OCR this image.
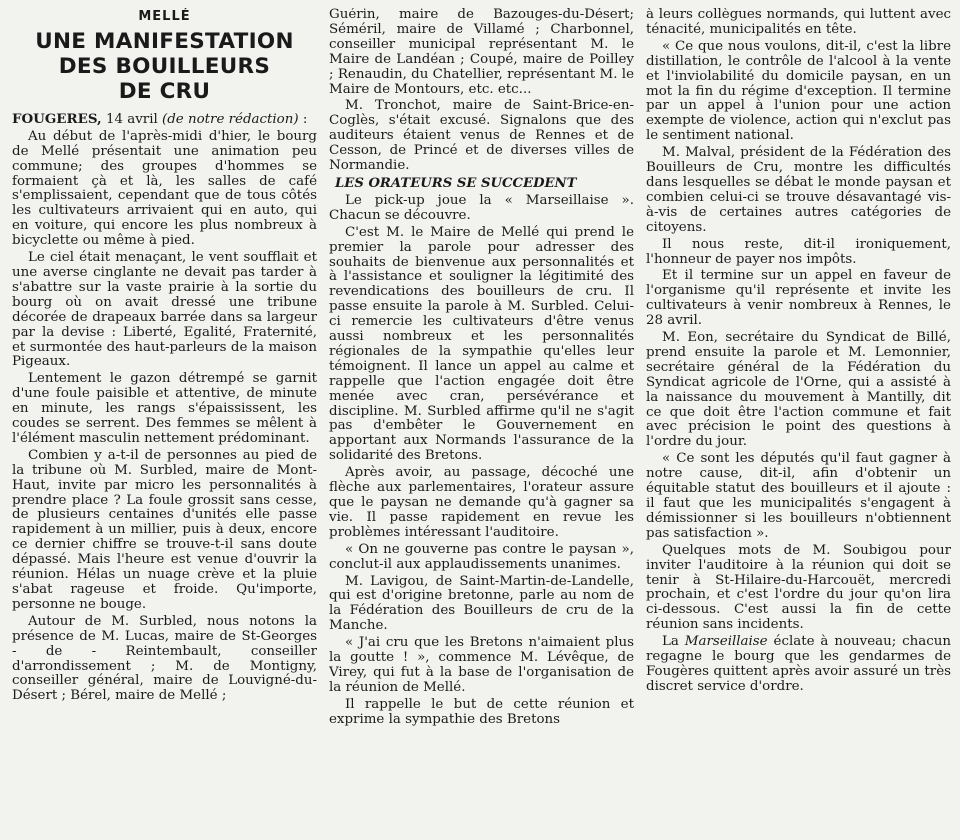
MELLÉ
UNE MANIFESTATION
DES BOUILLEURS
DE CRU

FOUGERES, 14 avril (de notre rédaction) :

Au début de l'après-midi d'hier, le bourg de Mellé présentait une animation peu commune; des groupes d'hommes se formaient çà et là, les salles de café s'emplissaient, cependant que de tous côtés les cultivateurs arrivaient qui en auto, qui en voiture, qui encore les plus nombreux à bicyclette ou même à pied.

Le ciel était menaçant, le vent soufflait et une averse cinglante ne devait pas tarder à s'abattre sur la vaste prairie à la sortie du bourg où on avait dressé une tribune décorée de drapeaux barrée dans sa largeur par la devise : Liberté, Egalité, Fraternité, et surmontée des haut-parleurs de la maison Pigeaux.

Lentement le gazon détrempé se garnit d'une foule paisible et attentive, de minute en minute, les rangs s'épaississent, les coudes se serrent. Des femmes se mêlent à l'élément masculin nettement prédominant.

Combien y a-t-il de personnes au pied de la tribune où M. Surbled, maire de Mont-Haut, invite par micro les personnalités à prendre place ? La foule grossit sans cesse, de plusieurs centaines d'unités elle passe rapidement à un millier, puis à deux, encore ce dernier chiffre se trouve-t-il sans doute dépassé. Mais l'heure est venue d'ouvrir la réunion. Hélas un nuage crève et la pluie s'abat rageuse et froide. Qu'importe, personne ne bouge.

Autour de M. Surbled, nous notons la présence de M. Lucas, maire de St-Georges - de - Reintembault, conseiller d'arrondissement ; M. de Montigny, conseiller général, maire de Louvigné-du-Désert ; Bérel, maire de Mellé ;

Guérin, maire de Bazouges-du-Désert; Séméril, maire de Villamé ; Charbonnel, conseiller municipal représentant M. le Maire de Landéan ; Coupé, maire de Poilley ; Renaudin, du Chatellier, représentant M. le Maire de Montours, etc. etc...

M. Tronchot, maire de Saint-Brice-en-Coglès, s'était excusé. Signalons que des auditeurs étaient venus de Rennes et de Cesson, de Princé et de diverses villes de Normandie.

LES ORATEURS SE SUCCEDENT

Le pick-up joue la « Marseillaise ». Chacun se découvre.

C'est M. le Maire de Mellé qui prend le premier la parole pour adresser des souhaits de bienvenue aux personnalités et à l'assistance et souligner la légitimité des revendications des bouilleurs de cru. Il passe ensuite la parole à M. Surbled. Celui-ci remercie les cultivateurs d'être venus aussi nombreux et les personnalités régionales de la sympathie qu'elles leur témoignent. Il lance un appel au calme et rappelle que l'action engagée doit être menée avec cran, persévérance et discipline. M. Surbled affirme qu'il ne s'agit pas d'embêter le Gouvernement en apportant aux Normands l'assurance de la solidarité des Bretons.

Après avoir, au passage, décoché une flèche aux parlementaires, l'orateur assure que le paysan ne demande qu'à gagner sa vie. Il passe rapidement en revue les problèmes intéressant l'auditoire.

« On ne gouverne pas contre le paysan », conclut-il aux applaudissements unanimes.

M. Lavigou, de Saint-Martin-de-Landelle, qui est d'origine bretonne, parle au nom de la Fédération des Bouilleurs de cru de la Manche.

« J'ai cru que les Bretons n'aimaient plus la goutte ! », commence M. Lévêque, de Virey, qui fut à la base de l'organisation de la réunion de Mellé.

Il rappelle le but de cette réunion et exprime la sympathie des Bretons

à leurs collègues normands, qui luttent avec ténacité, municipalités en tête.

« Ce que nous voulons, dit-il, c'est la libre distillation, le contrôle de l'alcool à la vente et l'inviolabilité du domicile paysan, en un mot la fin du régime d'exception. Il termine par un appel à l'union pour une action exempte de violence, action qui n'exclut pas le sentiment national.

M. Malval, président de la Fédération des Bouilleurs de Cru, montre les difficultés dans lesquelles se débat le monde paysan et combien celui-ci se trouve désavantagé vis-à-vis de certaines autres catégories de citoyens.

Il nous reste, dit-il ironiquement, l'honneur de payer nos impôts.

Et il termine sur un appel en faveur de l'organisme qu'il représente et invite les cultivateurs à venir nombreux à Rennes, le 28 avril.

M. Eon, secrétaire du Syndicat de Billé, prend ensuite la parole et M. Lemonnier, secrétaire général de la Fédération du Syndicat agricole de l'Orne, qui a assisté à la naissance du mouvement à Mantilly, dit ce que doit être l'action commune et fait avec précision le point des questions à l'ordre du jour.

« Ce sont les députés qu'il faut gagner à notre cause, dit-il, afin d'obtenir un équitable statut des bouilleurs et il ajoute : il faut que les municipalités s'engagent à démissionner si les bouilleurs n'obtiennent pas satisfaction ».

Quelques mots de M. Soubigou pour inviter l'auditoire à la réunion qui doit se tenir à St-Hilaire-du-Harcouët, mercredi prochain, et c'est l'ordre du jour qu'on lira ci-dessous. C'est aussi la fin de cette réunion sans incidents.

La Marseillaise éclate à nouveau; chacun regagne le bourg que les gendarmes de Fougères quittent après avoir assuré un très discret service d'ordre.
